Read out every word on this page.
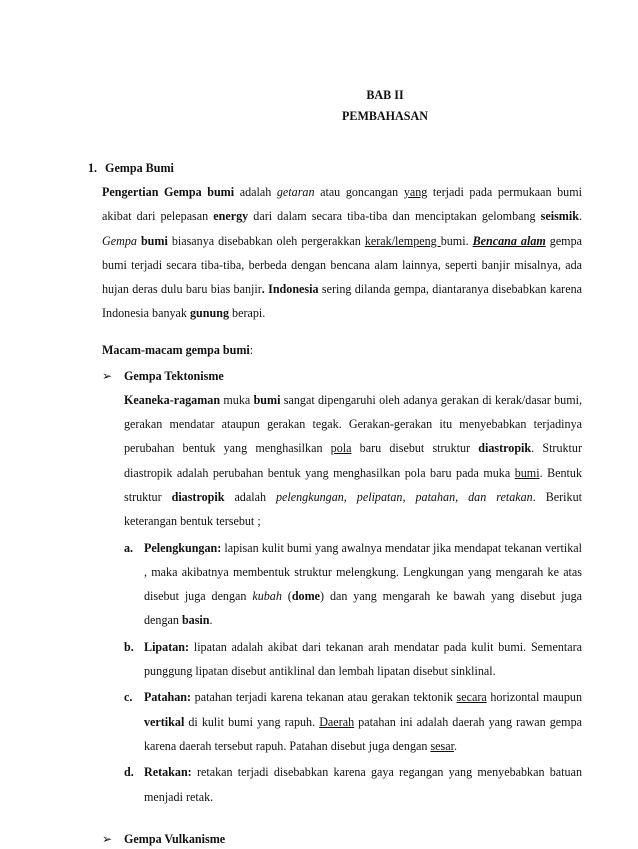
BAB II
PEMBAHASAN
1. Gempa Bumi
Pengertian Gempa bumi adalah getaran atau goncangan yang terjadi pada permukaan bumi akibat dari pelepasan energy dari dalam secara tiba-tiba dan menciptakan gelombang seismik. Gempa bumi biasanya disebabkan oleh pergerakkan kerak/lempeng bumi. Bencana alam gempa bumi terjadi secara tiba-tiba, berbeda dengan bencana alam lainnya, seperti banjir misalnya, ada hujan deras dulu baru bias banjir. Indonesia sering dilanda gempa, diantaranya disebabkan karena Indonesia banyak gunung berapi.
Macam-macam gempa bumi:
➢ Gempa Tektonisme
Keaneka-ragaman muka bumi sangat dipengaruhi oleh adanya gerakan di kerak/dasar bumi, gerakan mendatar ataupun gerakan tegak. Gerakan-gerakan itu menyebabkan terjadinya perubahan bentuk yang menghasilkan pola baru disebut struktur diastropik. Struktur diastropik adalah perubahan bentuk yang menghasilkan pola baru pada muka bumi. Bentuk struktur diastropik adalah pelengkungan, pelipatan, patahan, dan retakan. Berikut keterangan bentuk tersebut ;
a. Pelengkungan: lapisan kulit bumi yang awalnya mendatar jika mendapat tekanan vertikal , maka akibatnya membentuk struktur melengkung. Lengkungan yang mengarah ke atas disebut juga dengan kubah (dome) dan yang mengarah ke bawah yang disebut juga dengan basin.
b. Lipatan: lipatan adalah akibat dari tekanan arah mendatar pada kulit bumi. Sementara punggung lipatan disebut antiklinal dan lembah lipatan disebut sinklinal.
c. Patahan: patahan terjadi karena tekanan atau gerakan tektonik secara horizontal maupun vertikal di kulit bumi yang rapuh. Daerah patahan ini adalah daerah yang rawan gempa karena daerah tersebut rapuh. Patahan disebut juga dengan sesar.
d. Retakan: retakan terjadi disebabkan karena gaya regangan yang menyebabkan batuan menjadi retak.
➢ Gempa Vulkanisme
